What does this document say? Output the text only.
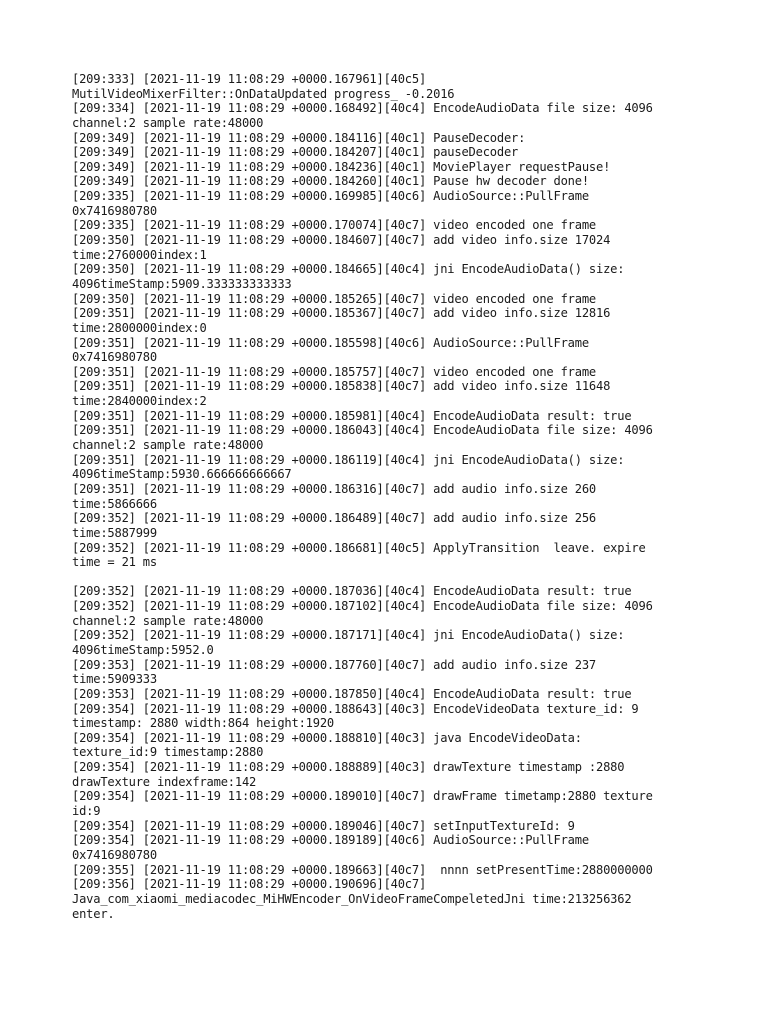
[209:333] [2021-11-19 11:08:29 +0000.167961][40c5]
MutilVideoMixerFilter::OnDataUpdated progress_ -0.2016
[209:334] [2021-11-19 11:08:29 +0000.168492][40c4] EncodeAudioData file size: 4096
channel:2 sample rate:48000
[209:349] [2021-11-19 11:08:29 +0000.184116][40c1] PauseDecoder:
[209:349] [2021-11-19 11:08:29 +0000.184207][40c1] pauseDecoder
[209:349] [2021-11-19 11:08:29 +0000.184236][40c1] MoviePlayer requestPause!
[209:349] [2021-11-19 11:08:29 +0000.184260][40c1] Pause hw decoder done!
[209:335] [2021-11-19 11:08:29 +0000.169985][40c6] AudioSource::PullFrame
0x7416980780
[209:335] [2021-11-19 11:08:29 +0000.170074][40c7] video encoded one frame
[209:350] [2021-11-19 11:08:29 +0000.184607][40c7] add video info.size 17024
time:2760000index:1
[209:350] [2021-11-19 11:08:29 +0000.184665][40c4] jni EncodeAudioData() size:
4096timeStamp:5909.333333333333
[209:350] [2021-11-19 11:08:29 +0000.185265][40c7] video encoded one frame
[209:351] [2021-11-19 11:08:29 +0000.185367][40c7] add video info.size 12816
time:2800000index:0
[209:351] [2021-11-19 11:08:29 +0000.185598][40c6] AudioSource::PullFrame
0x7416980780
[209:351] [2021-11-19 11:08:29 +0000.185757][40c7] video encoded one frame
[209:351] [2021-11-19 11:08:29 +0000.185838][40c7] add video info.size 11648
time:2840000index:2
[209:351] [2021-11-19 11:08:29 +0000.185981][40c4] EncodeAudioData result: true
[209:351] [2021-11-19 11:08:29 +0000.186043][40c4] EncodeAudioData file size: 4096
channel:2 sample rate:48000
[209:351] [2021-11-19 11:08:29 +0000.186119][40c4] jni EncodeAudioData() size:
4096timeStamp:5930.666666666667
[209:351] [2021-11-19 11:08:29 +0000.186316][40c7] add audio info.size 260
time:5866666
[209:352] [2021-11-19 11:08:29 +0000.186489][40c7] add audio info.size 256
time:5887999
[209:352] [2021-11-19 11:08:29 +0000.186681][40c5] ApplyTransition  leave. expire
time = 21 ms
[209:352] [2021-11-19 11:08:29 +0000.187036][40c4] EncodeAudioData result: true
[209:352] [2021-11-19 11:08:29 +0000.187102][40c4] EncodeAudioData file size: 4096
channel:2 sample rate:48000
[209:352] [2021-11-19 11:08:29 +0000.187171][40c4] jni EncodeAudioData() size:
4096timeStamp:5952.0
[209:353] [2021-11-19 11:08:29 +0000.187760][40c7] add audio info.size 237
time:5909333
[209:353] [2021-11-19 11:08:29 +0000.187850][40c4] EncodeAudioData result: true
[209:354] [2021-11-19 11:08:29 +0000.188643][40c3] EncodeVideoData texture_id: 9
timestamp: 2880 width:864 height:1920
[209:354] [2021-11-19 11:08:29 +0000.188810][40c3] java EncodeVideoData:
texture_id:9 timestamp:2880
[209:354] [2021-11-19 11:08:29 +0000.188889][40c3] drawTexture timestamp :2880
drawTexture indexframe:142
[209:354] [2021-11-19 11:08:29 +0000.189010][40c7] drawFrame timetamp:2880 texture
id:9
[209:354] [2021-11-19 11:08:29 +0000.189046][40c7] setInputTextureId: 9
[209:354] [2021-11-19 11:08:29 +0000.189189][40c6] AudioSource::PullFrame
0x7416980780
[209:355] [2021-11-19 11:08:29 +0000.189663][40c7]  nnnn setPresentTime:2880000000
[209:356] [2021-11-19 11:08:29 +0000.190696][40c7]
Java_com_xiaomi_mediacodec_MiHWEncoder_OnVideoFrameCompeletedJni time:213256362
enter.
